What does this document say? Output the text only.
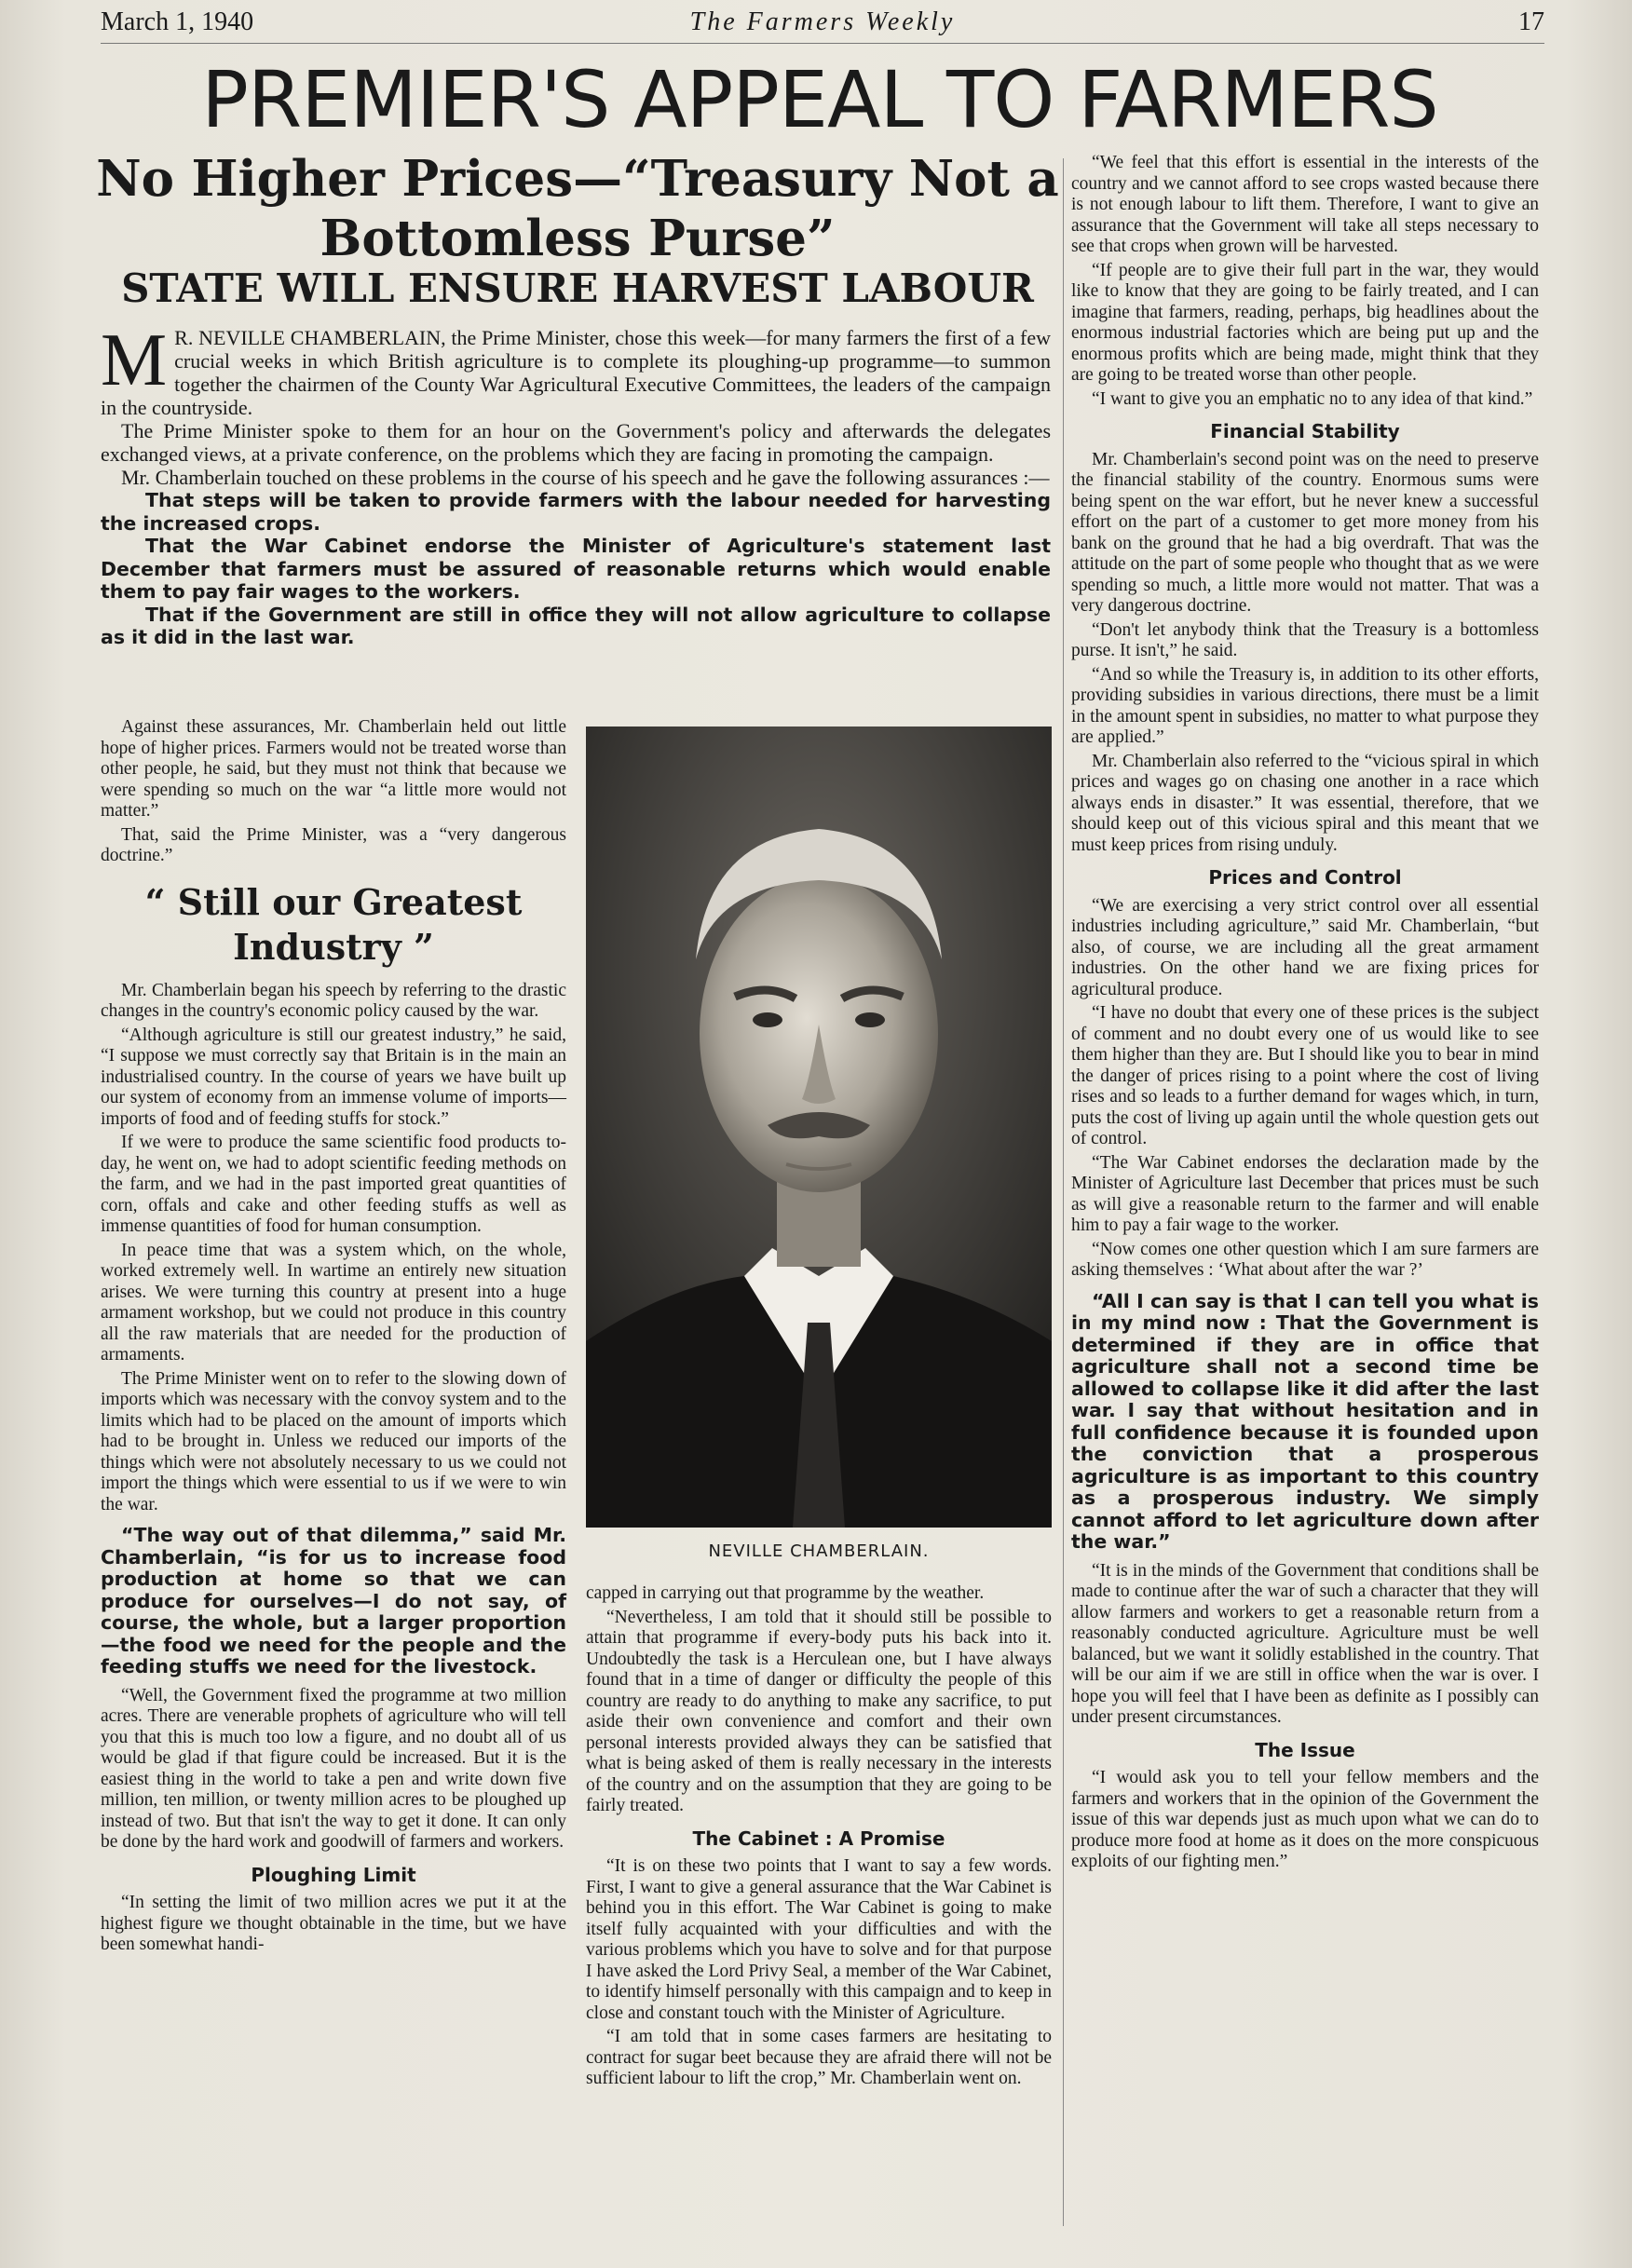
March 1, 1940	The Farmers Weekly	17
PREMIER'S APPEAL TO FARMERS
No Higher Prices—“Treasury Not a Bottomless Purse”
STATE WILL ENSURE HARVEST LABOUR

M R. NEVILLE CHAMBERLAIN, the Prime Minister, chose this week—for many farmers the first of a few crucial weeks in which British agriculture is to complete its ploughing-up programme—to summon together the chairmen of the County War Agricultural Executive Committees, the leaders of the campaign in the countryside.

The Prime Minister spoke to them for an hour on the Government's policy and afterwards the delegates exchanged views, at a private conference, on the problems which they are facing in promoting the campaign.

Mr. Chamberlain touched on these problems in the course of his speech and he gave the following assurances :—

That steps will be taken to provide farmers with the labour needed for harvesting the increased crops.

That the War Cabinet endorse the Minister of Agriculture's statement last December that farmers must be assured of reasonable returns which would enable them to pay fair wages to the workers.

That if the Government are still in office they will not allow agriculture to collapse as it did in the last war.

NEVILLE CHAMBERLAIN.

Against these assurances, Mr. Chamberlain held out little hope of higher prices. Farmers would not be treated worse than other people, he said, but they must not think that because we were spending so much on the war “a little more would not matter.”

That, said the Prime Minister, was a “very dangerous doctrine.”

“ Still our Greatest Industry ”

Mr. Chamberlain began his speech by referring to the drastic changes in the country's economic policy caused by the war.

“Although agriculture is still our greatest industry,” he said, “I suppose we must correctly say that Britain is in the main an industrialised country. In the course of years we have built up our system of economy from an immense volume of imports—imports of food and of feeding stuffs for stock.”

If we were to produce the same scientific food products to-day, he went on, we had to adopt scientific feeding methods on the farm, and we had in the past imported great quantities of corn, offals and cake and other feeding stuffs as well as immense quantities of food for human consumption.

In peace time that was a system which, on the whole, worked extremely well. In wartime an entirely new situation arises. We were turning this country at present into a huge armament workshop, but we could not produce in this country all the raw materials that are needed for the production of armaments.

The Prime Minister went on to refer to the slowing down of imports which was necessary with the convoy system and to the limits which had to be placed on the amount of imports which had to be brought in. Unless we reduced our imports of the things which were not absolutely necessary to us we could not import the things which were essential to us if we were to win the war.

“The way out of that dilemma,” said Mr. Chamberlain, “is for us to increase food production at home so that we can produce for ourselves—I do not say, of course, the whole, but a larger proportion—the food we need for the people and the feeding stuffs we need for the livestock.

“Well, the Government fixed the programme at two million acres. There are venerable prophets of agriculture who will tell you that this is much too low a figure, and no doubt all of us would be glad if that figure could be increased. But it is the easiest thing in the world to take a pen and write down five million, ten million, or twenty million acres to be ploughed up instead of two. But that isn't the way to get it done. It can only be done by the hard work and goodwill of farmers and workers.

Ploughing Limit

“In setting the limit of two million acres we put it at the highest figure we thought obtainable in the time, but we have been somewhat handi-

capped in carrying out that programme by the weather.

“Nevertheless, I am told that it should still be possible to attain that programme if every-body puts his back into it. Undoubtedly the task is a Herculean one, but I have always found that in a time of danger or difficulty the people of this country are ready to do anything to make any sacrifice, to put aside their own convenience and comfort and their own personal interests provided always they can be satisfied that what is being asked of them is really necessary in the interests of the country and on the assumption that they are going to be fairly treated.

The Cabinet : A Promise

“It is on these two points that I want to say a few words. First, I want to give a general assurance that the War Cabinet is behind you in this effort. The War Cabinet is going to make itself fully acquainted with your difficulties and with the various problems which you have to solve and for that purpose I have asked the Lord Privy Seal, a member of the War Cabinet, to identify himself personally with this campaign and to keep in close and constant touch with the Minister of Agriculture.

“I am told that in some cases farmers are hesitating to contract for sugar beet because they are afraid there will not be sufficient labour to lift the crop,” Mr. Chamberlain went on.

“We feel that this effort is essential in the interests of the country and we cannot afford to see crops wasted because there is not enough labour to lift them. Therefore, I want to give an assurance that the Government will take all steps necessary to see that crops when grown will be harvested.

“If people are to give their full part in the war, they would like to know that they are going to be fairly treated, and I can imagine that farmers, reading, perhaps, big headlines about the enormous industrial factories which are being put up and the enormous profits which are being made, might think that they are going to be treated worse than other people.

“I want to give you an emphatic no to any idea of that kind.”

Financial Stability

Mr. Chamberlain's second point was on the need to preserve the financial stability of the country. Enormous sums were being spent on the war effort, but he never knew a successful effort on the part of a customer to get more money from his bank on the ground that he had a big overdraft. That was the attitude on the part of some people who thought that as we were spending so much, a little more would not matter. That was a very dangerous doctrine.

“Don't let anybody think that the Treasury is a bottomless purse. It isn't,” he said.

“And so while the Treasury is, in addition to its other efforts, providing subsidies in various directions, there must be a limit in the amount spent in subsidies, no matter to what purpose they are applied.”

Mr. Chamberlain also referred to the “vicious spiral in which prices and wages go on chasing one another in a race which always ends in disaster.” It was essential, therefore, that we should keep out of this vicious spiral and this meant that we must keep prices from rising unduly.

Prices and Control

“We are exercising a very strict control over all essential industries including agriculture,” said Mr. Chamberlain, “but also, of course, we are including all the great armament industries. On the other hand we are fixing prices for agricultural produce.

“I have no doubt that every one of these prices is the subject of comment and no doubt every one of us would like to see them higher than they are. But I should like you to bear in mind the danger of prices rising to a point where the cost of living rises and so leads to a further demand for wages which, in turn, puts the cost of living up again until the whole question gets out of control.

“The War Cabinet endorses the declaration made by the Minister of Agriculture last December that prices must be such as will give a reasonable return to the farmer and will enable him to pay a fair wage to the worker.

“Now comes one other question which I am sure farmers are asking themselves : ‘What about after the war ?’

“All I can say is that I can tell you what is in my mind now : That the Government is determined if they are in office that agriculture shall not a second time be allowed to collapse like it did after the last war. I say that without hesitation and in full confidence because it is founded upon the conviction that a prosperous agriculture is as important to this country as a prosperous industry. We simply cannot afford to let agriculture down after the war.”

“It is in the minds of the Government that conditions shall be made to continue after the war of such a character that they will allow farmers and workers to get a reasonable return from a reasonably conducted agriculture. Agriculture must be well balanced, but we want it solidly established in the country. That will be our aim if we are still in office when the war is over. I hope you will feel that I have been as definite as I possibly can under present circumstances.

The Issue

“I would ask you to tell your fellow members and the farmers and workers that in the opinion of the Government the issue of this war depends just as much upon what we can do to produce more food at home as it does on the more conspicuous exploits of our fighting men.”
